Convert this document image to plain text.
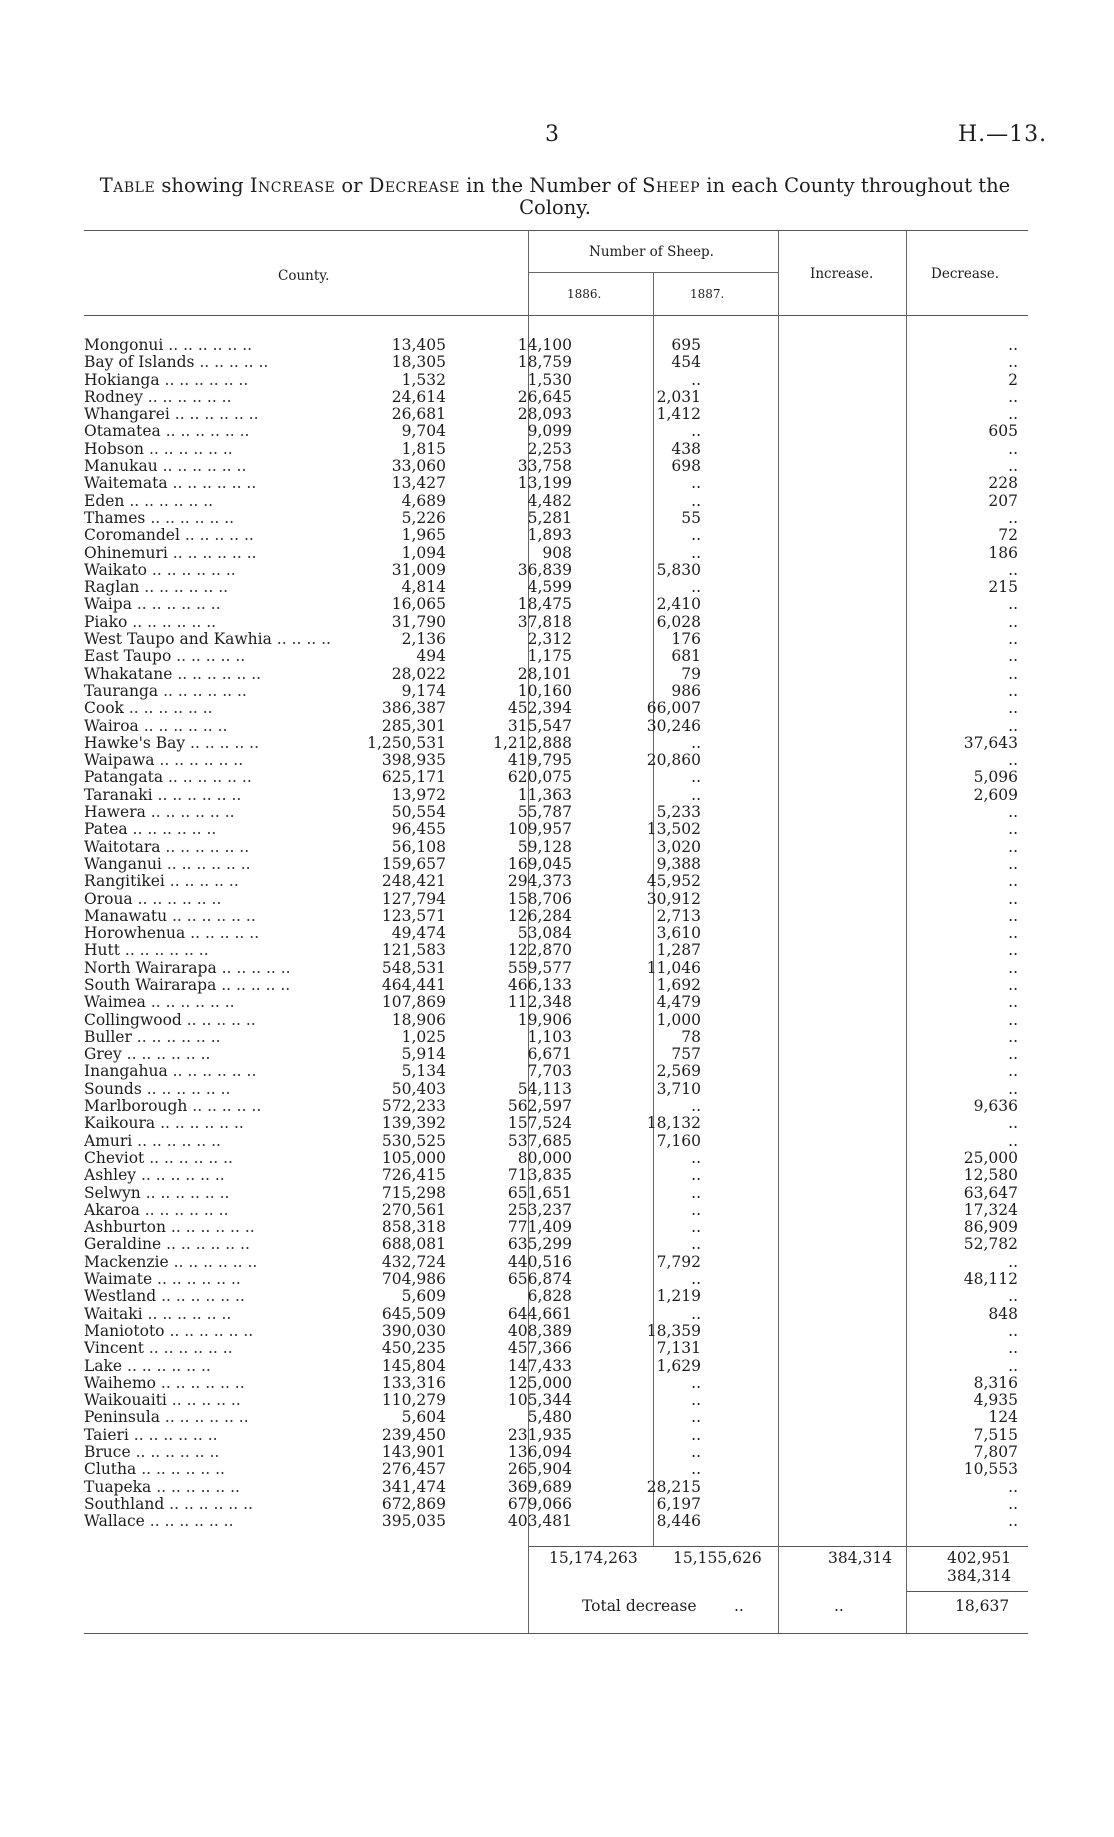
3	H.—13.
Table showing Increase or Decrease in the Number of Sheep in each County throughout the Colony.
County.
Number of Sheep.
1886.	1887.
Increase.	Decrease.
Mongonui .. .. .. .. .. ..	13,405	14,100	695	..
Bay of Islands .. .. .. .. ..	18,305	18,759	454	..
Hokianga .. .. .. .. .. ..	1,532	1,530	..	2
Rodney .. .. .. .. .. ..	24,614	26,645	2,031	..
Whangarei .. .. .. .. .. ..	26,681	28,093	1,412	..
Otamatea .. .. .. .. .. ..	9,704	9,099	..	605
Hobson .. .. .. .. .. ..	1,815	2,253	438	..
Manukau .. .. .. .. .. ..	33,060	33,758	698	..
Waitemata .. .. .. .. .. ..	13,427	13,199	..	228
Eden .. .. .. .. .. ..	4,689	4,482	..	207
Thames .. .. .. .. .. ..	5,226	5,281	55	..
Coromandel .. .. .. .. ..	1,965	1,893	..	72
Ohinemuri .. .. .. .. .. ..	1,094	908	..	186
Waikato .. .. .. .. .. ..	31,009	36,839	5,830	..
Raglan .. .. .. .. .. ..	4,814	4,599	..	215
Waipa .. .. .. .. .. ..	16,065	18,475	2,410	..
Piako .. .. .. .. .. ..	31,790	37,818	6,028	..
West Taupo and Kawhia .. .. .. ..	2,136	2,312	176	..
East Taupo .. .. .. .. ..	494	1,175	681	..
Whakatane .. .. .. .. .. ..	28,022	28,101	79	..
Tauranga .. .. .. .. .. ..	9,174	10,160	986	..
Cook .. .. .. .. .. ..	386,387	452,394	66,007	..
Wairoa .. .. .. .. .. ..	285,301	315,547	30,246	..
Hawke's Bay .. .. .. .. ..	1,250,531	1,212,888	..	37,643
Waipawa .. .. .. .. .. ..	398,935	419,795	20,860	..
Patangata .. .. .. .. .. ..	625,171	620,075	..	5,096
Taranaki .. .. .. .. .. ..	13,972	11,363	..	2,609
Hawera .. .. .. .. .. ..	50,554	55,787	5,233	..
Patea .. .. .. .. .. ..	96,455	109,957	13,502	..
Waitotara .. .. .. .. .. ..	56,108	59,128	3,020	..
Wanganui .. .. .. .. .. ..	159,657	169,045	9,388	..
Rangitikei .. .. .. .. ..	248,421	294,373	45,952	..
Oroua .. .. .. .. .. ..	127,794	158,706	30,912	..
Manawatu .. .. .. .. .. ..	123,571	126,284	2,713	..
Horowhenua .. .. .. .. ..	49,474	53,084	3,610	..
Hutt .. .. .. .. .. ..	121,583	122,870	1,287	..
North Wairarapa .. .. .. .. ..	548,531	559,577	11,046	..
South Wairarapa .. .. .. .. ..	464,441	466,133	1,692	..
Waimea .. .. .. .. .. ..	107,869	112,348	4,479	..
Collingwood .. .. .. .. ..	18,906	19,906	1,000	..
Buller .. .. .. .. .. ..	1,025	1,103	78	..
Grey .. .. .. .. .. ..	5,914	6,671	757	..
Inangahua .. .. .. .. .. ..	5,134	7,703	2,569	..
Sounds .. .. .. .. .. ..	50,403	54,113	3,710	..
Marlborough .. .. .. .. ..	572,233	562,597	..	9,636
Kaikoura .. .. .. .. .. ..	139,392	157,524	18,132	..
Amuri .. .. .. .. .. ..	530,525	537,685	7,160	..
Cheviot .. .. .. .. .. ..	105,000	80,000	..	25,000
Ashley .. .. .. .. .. ..	726,415	713,835	..	12,580
Selwyn .. .. .. .. .. ..	715,298	651,651	..	63,647
Akaroa .. .. .. .. .. ..	270,561	253,237	..	17,324
Ashburton .. .. .. .. .. ..	858,318	771,409	..	86,909
Geraldine .. .. .. .. .. ..	688,081	635,299	..	52,782
Mackenzie .. .. .. .. .. ..	432,724	440,516	7,792	..
Waimate .. .. .. .. .. ..	704,986	656,874	..	48,112
Westland .. .. .. .. .. ..	5,609	6,828	1,219	..
Waitaki .. .. .. .. .. ..	645,509	644,661	..	848
Maniototo .. .. .. .. .. ..	390,030	408,389	18,359	..
Vincent .. .. .. .. .. ..	450,235	457,366	7,131	..
Lake .. .. .. .. .. ..	145,804	147,433	1,629	..
Waihemo .. .. .. .. .. ..	133,316	125,000	..	8,316
Waikouaiti .. .. .. .. ..	110,279	105,344	..	4,935
Peninsula .. .. .. .. .. ..	5,604	5,480	..	124
Taieri .. .. .. .. .. ..	239,450	231,935	..	7,515
Bruce .. .. .. .. .. ..	143,901	136,094	..	7,807
Clutha .. .. .. .. .. ..	276,457	265,904	..	10,553
Tuapeka .. .. .. .. .. ..	341,474	369,689	28,215	..
Southland .. .. .. .. .. ..	672,869	679,066	6,197	..
Wallace .. .. .. .. .. ..	395,035	403,481	8,446	..
15,174,263 15,155,626	384,314	402,951
384,314
Total decrease ..	..	18,637
